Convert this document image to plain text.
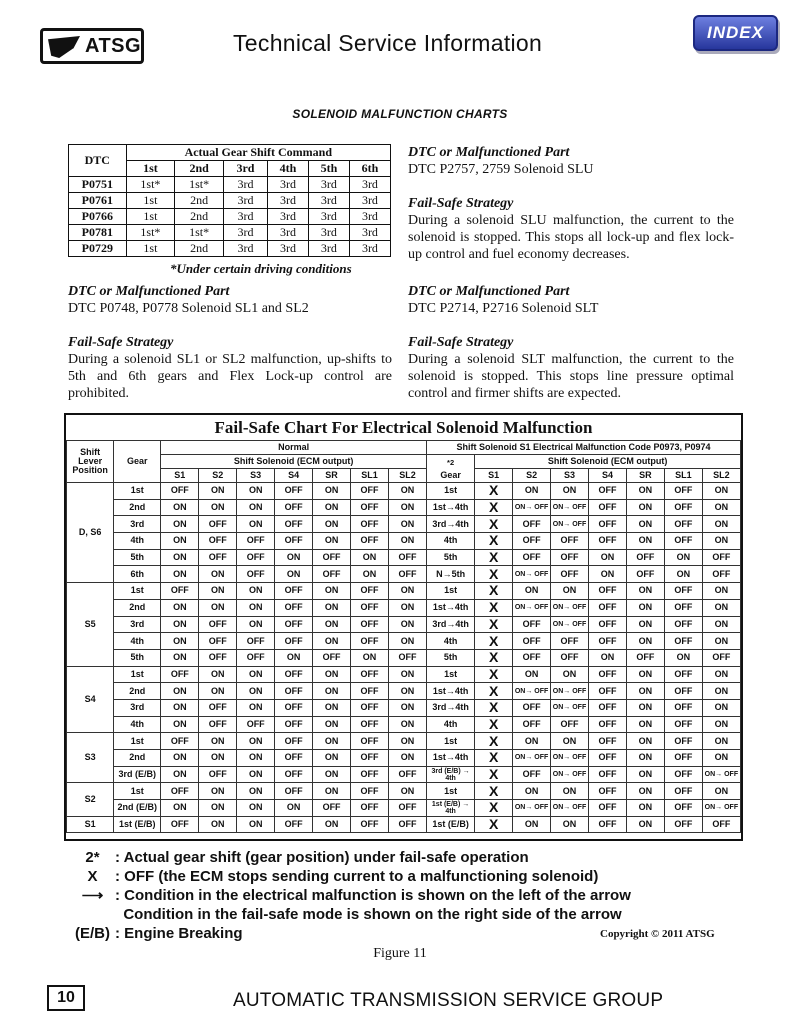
ATSG	Technical Service Information	INDEX
SOLENOID MALFUNCTION CHARTS
DTC	Actual Gear Shift Command					
	1st	2nd	3rd	4th	5th	6th
P0751	1st*	1st*	3rd	3rd	3rd	3rd
P0761	1st	2nd	3rd	3rd	3rd	3rd
P0766	1st	2nd	3rd	3rd	3rd	3rd
P0781	1st*	1st*	3rd	3rd	3rd	3rd
P0729	1st	2nd	3rd	3rd	3rd	3rd
*Under certain driving conditions
DTC or Malfunctioned Part
DTC P2757, 2759 Solenoid SLU
Fail-Safe Strategy
During a solenoid SLU malfunction, the current to the solenoid is stopped. This stops all lock-up and flex lock-up control and fuel economy decreases.
DTC or Malfunctioned Part
DTC P0748, P0778 Solenoid SL1 and SL2
Fail-Safe Strategy
During a solenoid SL1 or SL2 malfunction, up-shifts to 5th and 6th gears and Flex Lock-up control are prohibited.
DTC or Malfunctioned Part
DTC P2714, P2716 Solenoid SLT
Fail-Safe Strategy
During a solenoid SLT malfunction, the current to the solenoid is stopped. This stops line pressure optimal control and firmer shifts are expected.
Fail-Safe Chart For Electrical Solenoid Malfunction
Shift Lever Position	Gear	Normal							Shift Solenoid S1 Electrical Malfunction Code P0973, P0974							
		Shift Solenoid (ECM output)							$^{*2}$
Gear	Shift Solenoid (ECM output)						
		S1	S2	S3	S4	SR	SL1	SL2		S1	S2	S3	S4	SR	SL1	SL2
D, S6	1st	OFF	ON	ON	OFF	ON	OFF	ON	1st	X	ON	ON	OFF	ON	OFF	ON
	2nd	ON	ON	ON	OFF	ON	OFF	ON	1st→4th	X	ON→ OFF	ON→ OFF	OFF	ON	OFF	ON
	3rd	ON	OFF	ON	OFF	ON	OFF	ON	3rd→4th	X	OFF	ON→ OFF	OFF	ON	OFF	ON
	4th	ON	OFF	OFF	OFF	ON	OFF	ON	4th	X	OFF	OFF	OFF	ON	OFF	ON
	5th	ON	OFF	OFF	ON	OFF	ON	OFF	5th	X	OFF	OFF	ON	OFF	ON	OFF
	6th	ON	ON	OFF	ON	OFF	ON	OFF	N→5th	X	ON→ OFF	OFF	ON	OFF	ON	OFF
S5	1st	OFF	ON	ON	OFF	ON	OFF	ON	1st	X	ON	ON	OFF	ON	OFF	ON
	2nd	ON	ON	ON	OFF	ON	OFF	ON	1st→4th	X	ON→ OFF	ON→ OFF	OFF	ON	OFF	ON
	3rd	ON	OFF	ON	OFF	ON	OFF	ON	3rd→4th	X	OFF	ON→ OFF	OFF	ON	OFF	ON
	4th	ON	OFF	OFF	OFF	ON	OFF	ON	4th	X	OFF	OFF	OFF	ON	OFF	ON
	5th	ON	OFF	OFF	ON	OFF	ON	OFF	5th	X	OFF	OFF	ON	OFF	ON	OFF
S4	1st	OFF	ON	ON	OFF	ON	OFF	ON	1st	X	ON	ON	OFF	ON	OFF	ON
	2nd	ON	ON	ON	OFF	ON	OFF	ON	1st→4th	X	ON→ OFF	ON→ OFF	OFF	ON	OFF	ON
	3rd	ON	OFF	ON	OFF	ON	OFF	ON	3rd→4th	X	OFF	ON→ OFF	OFF	ON	OFF	ON
	4th	ON	OFF	OFF	OFF	ON	OFF	ON	4th	X	OFF	OFF	OFF	ON	OFF	ON
S3	1st	OFF	ON	ON	OFF	ON	OFF	ON	1st	X	ON	ON	OFF	ON	OFF	ON
	2nd	ON	ON	ON	OFF	ON	OFF	ON	1st→4th	X	ON→ OFF	ON→ OFF	OFF	ON	OFF	ON
	3rd (E/B)	ON	OFF	ON	OFF	ON	OFF	OFF	3rd (E/B) → 4th	X	OFF	ON→ OFF	OFF	ON	OFF	ON→ OFF
S2	1st	OFF	ON	ON	OFF	ON	OFF	ON	1st	X	ON	ON	OFF	ON	OFF	ON
	2nd (E/B)	ON	ON	ON	ON	OFF	OFF	OFF	1st (E/B) → 4th	X	ON→ OFF	ON→ OFF	OFF	ON	OFF	ON→ OFF
S1	1st (E/B)	OFF	ON	ON	OFF	ON	OFF	OFF	1st (E/B)	X	ON	ON	OFF	ON	OFF	OFF
2*	: Actual gear shift (gear position) under fail-safe operation
X	: OFF (the ECM stops sending current to a malfunctioning solenoid)
⟶ : Condition in the electrical malfunction is shown on the left of the arrow
Condition in the fail-safe mode is shown on the right side of the arrow
(E/B) : Engine Breaking	Copyright © 2011 ATSG
Figure 11
10	AUTOMATIC TRANSMISSION SERVICE GROUP
